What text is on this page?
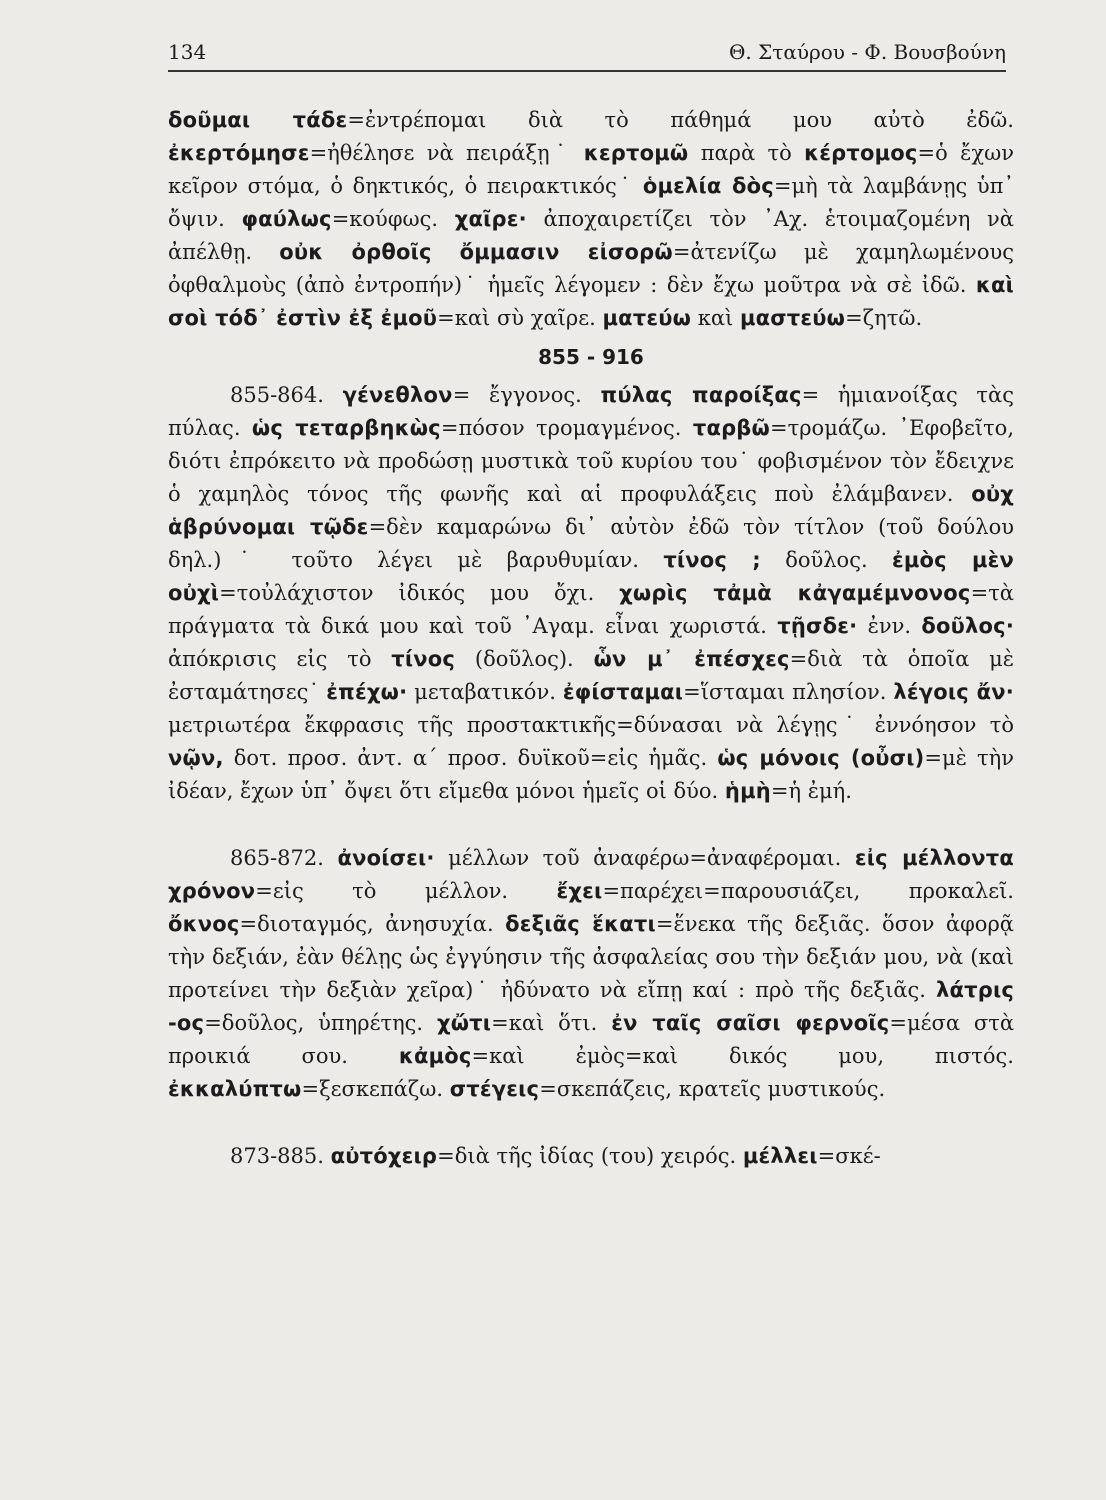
134	Θ. Σταύρου - Φ. Βουσβούνη

δοῦμαι τάδε=ἐντρέπομαι διὰ τὸ πάθημά μου αὐτὸ ἐδῶ. ἐκερτόμησε=ἠθέλησε νὰ πειράξῃ˙ κερτομῶ παρὰ τὸ κέρτομος=ὁ ἔχων κεῖρον στόμα, ὁ δηκτικός, ὁ πειρακτικός˙ ὁμελία δὸς=μὴ τὰ λαμβάνῃς ὑπ᾿ ὄψιν. φαύλως=κούφως. χαῖρε· ἀποχαιρετίζει τὸν ᾿Αχ. ἑτοιμαζομένη νὰ ἀπέλθῃ. οὐκ ὀρθοῖς ὄμμασιν εἰσορῶ=ἀτενίζω μὲ χαμηλωμένους ὀφθαλμοὺς (ἀπὸ ἐντροπήν)˙ ἡμεῖς λέγομεν : δὲν ἔχω μοῦτρα νὰ σὲ ἰδῶ. καὶ σοὶ τόδ᾿ ἐστὶν ἐξ ἐμοῦ=καὶ σὺ χαῖρε. ματεύω καὶ μαστεύω=ζητῶ.

855 - 916

855-864. γένεθλον= ἔγγονος. πύλας παροίξας= ἡμιανοίξας τὰς πύλας. ὡς τεταρβηκὼς=πόσον τρομαγμένος. ταρβῶ=τρομάζω. ᾿Εφοβεῖτο, διότι ἐπρόκειτο νὰ προδώσῃ μυστικὰ τοῦ κυρίου του˙ φοβισμένον τὸν ἔδειχνε ὁ χαμηλὸς τόνος τῆς φωνῆς καὶ αἱ προφυλάξεις ποὺ ἐλάμβανεν. οὐχ ἁβρύνομαι τῷδε=δὲν καμαρώνω δι᾿ αὐτὸν ἐδῶ τὸν τίτλον (τοῦ δούλου δηλ.)˙ τοῦτο λέγει μὲ βαρυθυμίαν. τίνος ; δοῦλος. ἐμὸς μὲν οὐχὶ=τοὐλάχιστον ἰδικός μου ὄχι. χωρὶς τἀμὰ κἀγαμέμνονος=τὰ πράγματα τὰ δικά μου καὶ τοῦ ᾿Αγαμ. εἶναι χωριστά. τῇσδε· ἐνν. δοῦλος· ἀπόκρισις εἰς τὸ τίνος (δοῦλος). ὧν μ᾿ ἐπέσχες=διὰ τὰ ὁποῖα μὲ ἐσταμάτησες˙ ἐπέχω· μεταβατικόν. ἐφίσταμαι=ἵσταμαι πλησίον. λέγοις ἄν· μετριωτέρα ἔκφρασις τῆς προστακτικῆς=δύνασαι νὰ λέγῃς˙ ἐννόησον τὸ νῷν, δοτ. προσ. ἀντ. α΄ προσ. δυϊκοῦ=εἰς ἡμᾶς. ὡς μόνοις (οὖσι)=μὲ τὴν ἰδέαν, ἔχων ὑπ᾿ ὄψει ὅτι εἴμεθα μόνοι ἡμεῖς οἱ δύο. ἡμὴ=ἡ ἐμή.

865-872. ἀνοίσει· μέλλων τοῦ ἀναφέρω=ἀναφέρομαι. εἰς μέλλοντα χρόνον=εἰς τὸ μέλλον. ἔχει=παρέχει=παρουσιάζει, προκαλεῖ. ὄκνος=διοταγμός, ἀνησυχία. δεξιᾶς ἕκατι=ἕνεκα τῆς δεξιᾶς. ὅσον ἀφορᾷ τὴν δεξιάν, ἐὰν θέλῃς ὡς ἐγγύησιν τῆς ἀσφαλείας σου τὴν δεξιάν μου, νὰ (καὶ προτείνει τὴν δεξιὰν χεῖρα)˙ ἠδύνατο νὰ εἴπῃ καί : πρὸ τῆς δεξιᾶς. λάτρις -ος=δοῦλος, ὑπηρέτης. χὤτι=καὶ ὅτι. ἐν ταῖς σαῖσι φερνοῖς=μέσα στὰ προικιά σου. κἀμὸς=καὶ ἐμὸς=καὶ δικός μου, πιστός. ἐκκαλύπτω=ξεσκεπάζω. στέγεις=σκεπάζεις, κρατεῖς μυστικούς.

873-885. αὐτόχειρ=διὰ τῆς ἰδίας (του) χειρός. μέλλει=σκέ-
